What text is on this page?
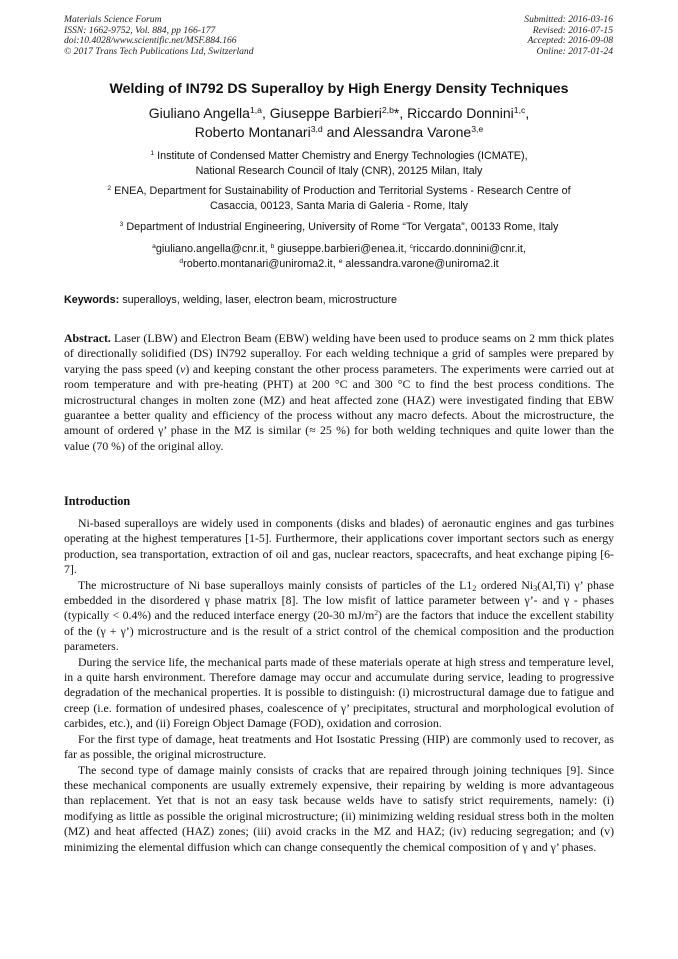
Materials Science Forum
ISSN: 1662-9752, Vol. 884, pp 166-177
doi:10.4028/www.scientific.net/MSF.884.166
© 2017 Trans Tech Publications Ltd, Switzerland
Submitted: 2016-03-16
Revised: 2016-07-15
Accepted: 2016-09-08
Online: 2017-01-24
Welding of IN792 DS Superalloy by High Energy Density Techniques
Giuliano Angella$^{1,a}$, Giuseppe Barbieri$^{2,b}$*, Riccardo Donnini$^{1,c}$,
Roberto Montanari$^{3,d}$ and Alessandra Varone$^{3,e}$
$^1$ Institute of Condensed Matter Chemistry and Energy Technologies (ICMATE),
National Research Council of Italy (CNR), 20125 Milan, Italy
$^2$ ENEA, Department for Sustainability of Production and Territorial Systems - Research Centre of
Casaccia, 00123, Santa Maria di Galeria - Rome, Italy
$^3$ Department of Industrial Engineering, University of Rome “Tor Vergata”, 00133 Rome, Italy
$^a$giuliano.angella@cnr.it, $^b$ giuseppe.barbieri@enea.it, $^c$riccardo.donnini@cnr.it,
$^d$roberto.montanari@uniroma2.it, $^e$ alessandra.varone@uniroma2.it
Keywords: superalloys, welding, laser, electron beam, microstructure

Abstract. Laser (LBW) and Electron Beam (EBW) welding have been used to produce seams on 2 mm thick plates of directionally solidified (DS) IN792 superalloy. For each welding technique a grid of samples were prepared by varying the pass speed (v) and keeping constant the other process parameters. The experiments were carried out at room temperature and with pre-heating (PHT) at 200 °C and 300 °C to find the best process conditions. The microstructural changes in molten zone (MZ) and heat affected zone (HAZ) were investigated finding that EBW guarantee a better quality and efficiency of the process without any macro defects. About the microstructure, the amount of ordered γ’ phase in the MZ is similar (≈ 25 %) for both welding techniques and quite lower than the value (70 %) of the original alloy.

Introduction

Ni-based superalloys are widely used in components (disks and blades) of aeronautic engines and gas turbines operating at the highest temperatures [1-5]. Furthermore, their applications cover important sectors such as energy production, sea transportation, extraction of oil and gas, nuclear reactors, spacecrafts, and heat exchange piping [6-7].

The microstructure of Ni base superalloys mainly consists of particles of the $L1_2$ ordered $Ni_3(Al,Ti)$ γ’ phase embedded in the disordered γ phase matrix [8]. The low misfit of lattice parameter between γ’- and γ - phases (typically < 0.4%) and the reduced interface energy (20-30 $mJ/m^2$) are the factors that induce the excellent stability of the (γ + γ’) microstructure and is the result of a strict control of the chemical composition and the production parameters.

During the service life, the mechanical parts made of these materials operate at high stress and temperature level, in a quite harsh environment. Therefore damage may occur and accumulate during service, leading to progressive degradation of the mechanical properties. It is possible to distinguish: (i) microstructural damage due to fatigue and creep (i.e. formation of undesired phases, coalescence of γ’ precipitates, structural and morphological evolution of carbides, etc.), and (ii) Foreign Object Damage (FOD), oxidation and corrosion.

For the first type of damage, heat treatments and Hot Isostatic Pressing (HIP) are commonly used to recover, as far as possible, the original microstructure.

The second type of damage mainly consists of cracks that are repaired through joining techniques [9]. Since these mechanical components are usually extremely expensive, their repairing by welding is more advantageous than replacement. Yet that is not an easy task because welds have to satisfy strict requirements, namely: (i) modifying as little as possible the original microstructure; (ii) minimizing welding residual stress both in the molten (MZ) and heat affected (HAZ) zones; (iii) avoid cracks in the MZ and HAZ; (iv) reducing segregation; and (v) minimizing the elemental diffusion which can change consequently the chemical composition of γ and γ’ phases.
